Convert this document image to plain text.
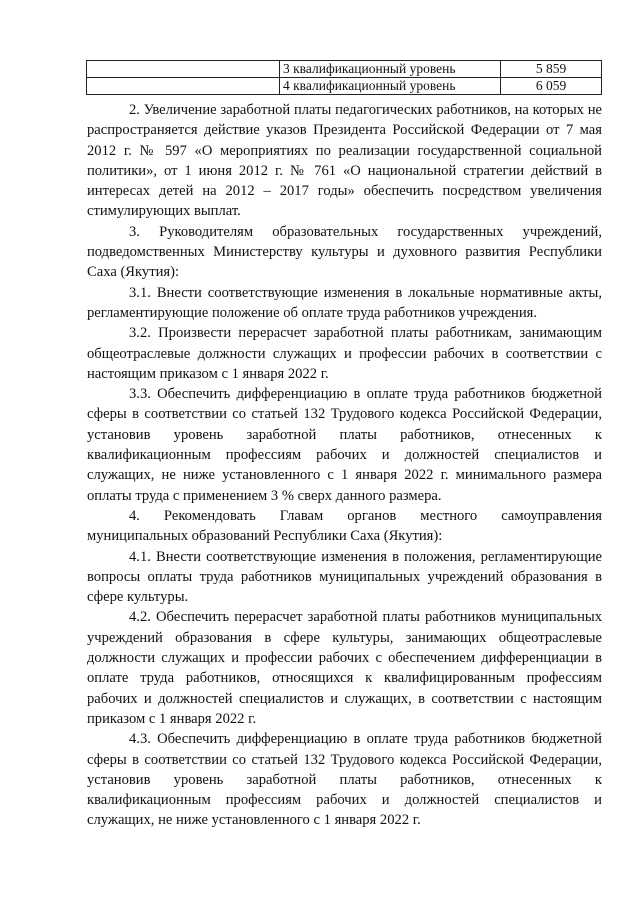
	3 квалификационный уровень	5 859
	4 квалификационный уровень	6 059

2. Увеличение заработной платы педагогических работников, на которых не распространяется действие указов Президента Российской Федерации от 7 мая 2012 г. № 597 «О мероприятиях по реализации государственной социальной политики», от 1 июня 2012 г. № 761 «О национальной стратегии действий в интересах детей на 2012 – 2017 годы» обеспечить посредством увеличения стимулирующих выплат.

3. Руководителям образовательных государственных учреждений, подведомственных Министерству культуры и духовного развития Республики Саха (Якутия):

3.1. Внести соответствующие изменения в локальные нормативные акты, регламентирующие положение об оплате труда работников учреждения.

3.2. Произвести перерасчет заработной платы работникам, занимающим общеотраслевые должности служащих и профессии рабочих в соответствии с настоящим приказом с 1 января 2022 г.

3.3. Обеспечить дифференциацию в оплате труда работников бюджетной сферы в соответствии со статьей 132 Трудового кодекса Российской Федерации, установив уровень заработной платы работников, отнесенных к квалификационным профессиям рабочих и должностей специалистов и служащих, не ниже установленного с 1 января 2022 г. минимального размера оплаты труда с применением 3 % сверх данного размера.

4. Рекомендовать Главам органов местного самоуправления муниципальных образований Республики Саха (Якутия):

4.1. Внести соответствующие изменения в положения, регламентирующие вопросы оплаты труда работников муниципальных учреждений образования в сфере культуры.

4.2. Обеспечить перерасчет заработной платы работников муниципальных учреждений образования в сфере культуры, занимающих общеотраслевые должности служащих и профессии рабочих с обеспечением дифференциации в оплате труда работников, относящихся к квалифицированным профессиям рабочих и должностей специалистов и служащих, в соответствии с настоящим приказом с 1 января 2022 г.

4.3. Обеспечить дифференциацию в оплате труда работников бюджетной сферы в соответствии со статьей 132 Трудового кодекса Российской Федерации, установив уровень заработной платы работников, отнесенных к квалификационным профессиям рабочих и должностей специалистов и служащих, не ниже установленного с 1 января 2022 г.
